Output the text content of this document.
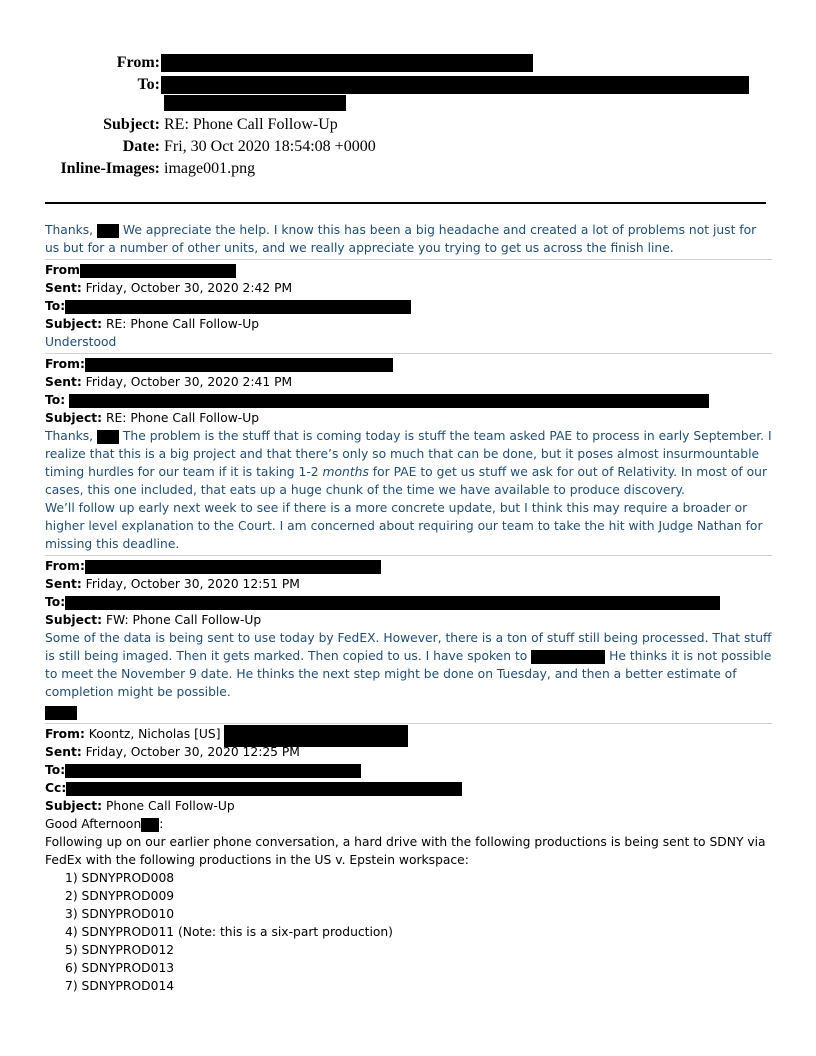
From:
To:
Subject: RE: Phone Call Follow-Up
Date: Fri, 30 Oct 2020 18:54:08 +0000
Inline-Images: image001.png
Thanks, We appreciate the help. I know this has been a big headache and created a lot of problems not just for us but for a number of other units, and we really appreciate you trying to get us across the finish line.
From
Sent: Friday, October 30, 2020 2:42 PM
To:
Subject: RE: Phone Call Follow-Up
Understood
From:
Sent: Friday, October 30, 2020 2:41 PM
To:
Subject: RE: Phone Call Follow-Up
Thanks, The problem is the stuff that is coming today is stuff the team asked PAE to process in early September. I realize that this is a big project and that there’s only so much that can be done, but it poses almost insurmountable timing hurdles for our team if it is taking 1-2 months for PAE to get us stuff we ask for out of Relativity. In most of our cases, this one included, that eats up a huge chunk of the time we have available to produce discovery.
We’ll follow up early next week to see if there is a more concrete update, but I think this may require a broader or higher level explanation to the Court. I am concerned about requiring our team to take the hit with Judge Nathan for missing this deadline.
From:
Sent: Friday, October 30, 2020 12:51 PM
To:
Subject: FW: Phone Call Follow-Up
Some of the data is being sent to use today by FedEX. However, there is a ton of stuff still being processed. That stuff is still being imaged. Then it gets marked. Then copied to us. I have spoken to	He thinks it is not possible to meet the November 9 date. He thinks the next step might be done on Tuesday, and then a better estimate of completion might be possible.
From: Koontz, Nicholas [US]
Sent: Friday, October 30, 2020 12:25 PM
To:
Cc:
Subject: Phone Call Follow-Up
Good Afternoon :
Following up on our earlier phone conversation, a hard drive with the following productions is being sent to SDNY via FedEx with the following productions in the US v. Epstein workspace:
1) SDNYPROD008
2) SDNYPROD009
3) SDNYPROD010
4) SDNYPROD011 (Note: this is a six-part production)
5) SDNYPROD012
6) SDNYPROD013
7) SDNYPROD014
